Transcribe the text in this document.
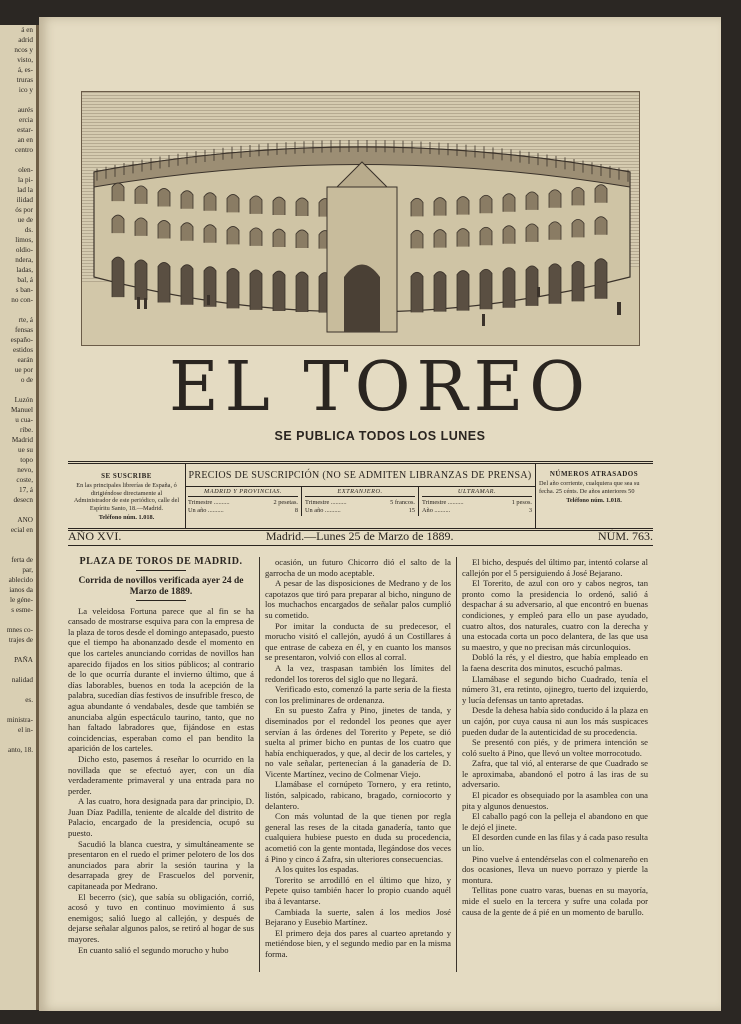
á en

adrid

ncos y

visto,

á, es-

truras

ico y

aurés

ercia

estar-

an en

centro

olen-

la pi-

lad la

ilidad

ós por

ue de

ds.

limos,

oldio-

ndera,

ladas,

bal, á

s ban-

no con-

rte, á

fensas

españo-

estidos

earán

ue por

o de

Luzón

Manuel

u cua-

ribe.

Madrid

ue su

topo

nevo,

coste,

17, á

desecn

ANO

ecial en

ferta de

par,

ablecido

ianos da

le géne-

s esme-

mnes co-

trajes de

PAÑA

nalidad

es.

ministra-

el in-

anto, 18.

EL TOREO
SE PUBLICA TODOS LOS LUNES
SE SUSCRIBE
En las principales librerías de España, ó dirigiéndose directamente al Administrador de este periódico, calle del Espíritu Santo, 18.—Madrid.
Teléfono núm. 1.018.
PRECIOS DE SUSCRIPCIÓN (NO SE ADMITEN LIBRANZAS DE PRENSA)
MADRID Y PROVINCIAS.
Trimestre ..........	2 pesetas.
Un año ..........	8
EXTRANJERO.
Trimestre ..........	5 francos.
Un año ..........	15
ULTRAMAR.
Trimestre ..........	1 pesos.
Año ..........	3
NÚMEROS ATRASADOS
Del año corriente, cualquiera que sea su fecha. 25 cénts. De años anteriores 50
Teléfono núm. 1.018.
AÑO XVI.	Madrid.—Lunes 25 de Marzo de 1889.	NÚM. 763.

PLAZA DE TOROS DE MADRID.

Corrida de novillos verificada ayer 24 de Marzo de 1889.

La veleidosa Fortuna parece que al fin se ha cansado de mostrarse esquiva para con la empresa de la plaza de toros desde el domingo antepasado, puesto que el tiempo ha abonanzado desde el momento en que los carteles anunciando corridas de novillos han aparecido fijados en los sitios públicos; al contrario de lo que ocurría durante el invierno último, que á días laborables, buenos en toda la acepción de la palabra, sucedían días festivos de insufrible fresco, de agua abundante ó vendabales, desde que también se anunciaba algún espectáculo taurino, tanto, que no han faltado labradores que, fijándose en estas coincidencias, esperaban como el pan bendito la aparición de los carteles.

Dicho esto, pasemos á reseñar lo ocurrido en la novillada que se efectuó ayer, con un día verdaderamente primaveral y una entrada para no perder.

A las cuatro, hora designada para dar principio, D. Juan Díaz Padilla, teniente de alcalde del distrito de Palacio, encargado de la presidencia, ocupó su puesto.

Sacudió la blanca cuestra, y simultáneamente se presentaron en el ruedo el primer pelotero de los dos anunciados para abrir la sesión taurina y la desarrapada grey de Frascuelos del porvenir, capitaneada por Medrano.

El becerro (sic), que sabía su obligación, corrió, acosó y tuvo en continuo movimiento á sus enemigos; salió luego al callejón, y después de dejarse señalar algunos palos, se retiró al hogar de sus mayores.

En cuanto salió el segundo morucho y hubo

ocasión, un futuro Chicorro dió el salto de la garrocha de un modo aceptable.

A pesar de las disposiciones de Medrano y de los capotazos que tiró para preparar al bicho, ninguno de los muchachos encargados de señalar palos cumplió su cometido.

Por imitar la conducta de su predecesor, el morucho visitó el callejón, ayudó á un Costillares á que entrase de cabeza en él, y en cuanto los mansos se presentaron, volvió con ellos al corral.

A la vez, traspasan también los límites del redondel los toreros del siglo que no llegará.

Verificado esto, comenzó la parte seria de la fiesta con los preliminares de ordenanza.

En su puesto Zafra y Pino, jinetes de tanda, y diseminados por el redondel los peones que ayer servían á las órdenes del Torerito y Pepete, se dió suelta al primer bicho en puntas de los cuatro que había enchiquerados, y que, al decir de los carteles, y no vale señalar, pertenecían á la ganadería de D. Vicente Martínez, vecino de Colmenar Viejo.

Llamábase el cornúpeto Tornero, y era retinto, listón, salpicado, rabicano, bragado, corniocorto y delantero.

Con más voluntad de la que tienen por regla general las reses de la citada ganadería, tanto que cualquiera hubiese puesto en duda su procedencia, acometió con la gente montada, llegándose dos veces á Pino y cinco á Zafra, sin ulteriores consecuencias.

A los quites los espadas.

Torerito se arrodilló en el último que hizo, y Pepete quiso también hacer lo propio cuando aquél iba á levantarse.

Cambiada la suerte, salen á los medios José Bejarano y Eusebio Martínez.

El primero deja dos pares al cuarteo apretando y metiéndose bien, y el segundo medio par en la misma forma.

El bicho, después del último par, intentó colarse al callejón por el 5 persiguiendo á José Bejarano.

El Torerito, de azul con oro y cabos negros, tan pronto como la presidencia lo ordenó, salió á despachar á su adversario, al que encontró en buenas condiciones, y empleó para ello un pase ayudado, cuatro altos, dos naturales, cuatro con la derecha y una estocada corta un poco delantera, de las que usa su maestro, y que no precisan más circunloquios.

Dobló la rés, y el diestro, que había empleado en la faena descrita dos minutos, escuchó palmas.

Llamábase el segundo bicho Cuadrado, tenía el número 31, era retinto, ojinegro, tuerto del izquierdo, y lucía defensas un tanto apretadas.

Desde la dehesa había sido conducido á la plaza en un cajón, por cuya causa ni aun los más suspicaces pueden dudar de la autenticidad de su procedencia.

Se presentó con piés, y de primera intención se coló suelto á Pino, que llevó un voltee morrocotudo.

Zafra, que tal vió, al enterarse de que Cuadrado se le aproximaba, abandonó el potro á las iras de su adversario.

El picador es obsequiado por la asamblea con una pita y algunos denuestos.

El caballo pagó con la pelleja el abandono en que le dejó el jinete.

El desorden cunde en las filas y á cada paso resulta un lío.

Pino vuelve á entendérselas con el colmenareño en dos ocasiones, lleva un nuevo porrazo y pierde la montura.

Tellitas pone cuatro varas, buenas en su mayoría, mide el suelo en la tercera y sufre una colada por causa de la gente de á pié en un momento de barullo.
